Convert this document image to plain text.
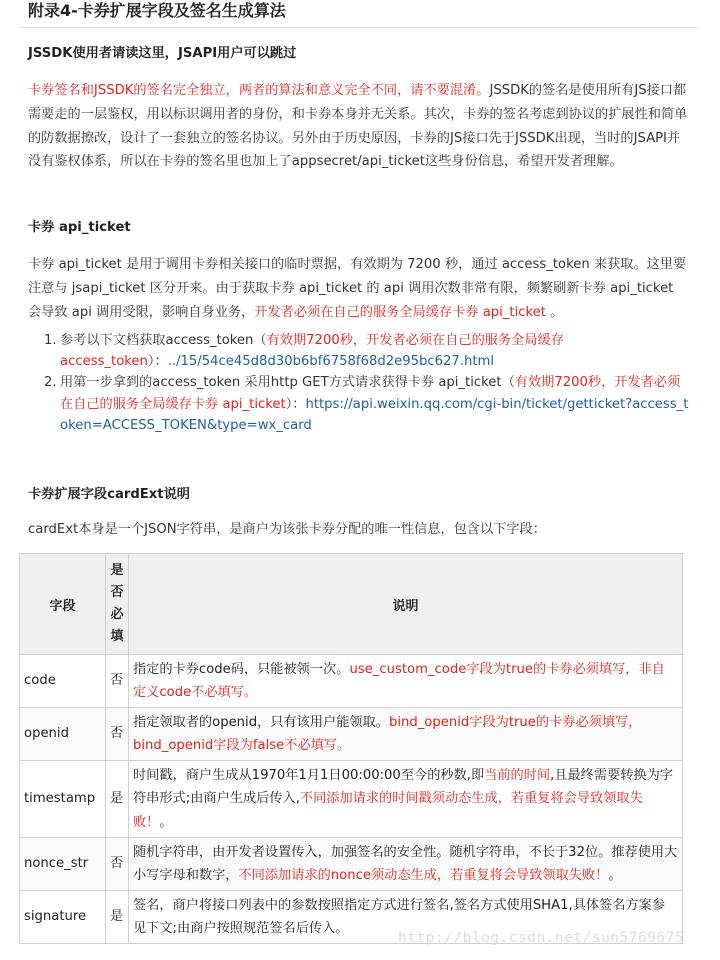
附录4-卡券扩展字段及签名生成算法
JSSDK使用者请读这里，JSAPI用户可以跳过

卡券签名和JSSDK的签名完全独立，两者的算法和意义完全不同，请不要混淆。JSSDK的签名是使用所有JS接口都需要走的一层鉴权，用以标识调用者的身份，和卡券本身并无关系。其次，卡券的签名考虑到协议的扩展性和简单的防数据擦改，设计了一套独立的签名协议。另外由于历史原因，卡券的JS接口先于JSSDK出现，当时的JSAPI并没有鉴权体系，所以在卡券的签名里也加上了appsecret/api_ticket这些身份信息，希望开发者理解。

卡券 api_ticket

卡券 api_ticket 是用于调用卡券相关接口的临时票据，有效期为 7200 秒，通过 access_token 来获取。这里要注意与 jsapi_ticket 区分开来。由于获取卡券 api_ticket 的 api 调用次数非常有限，频繁刷新卡券 api_ticket 会导致 api 调用受限，影响自身业务，开发者必须在自己的服务全局缓存卡券 api_ticket 。

1. 参考以下文档获取access_token（有效期7200秒，开发者必须在自己的服务全局缓存access_token）：../15/54ce45d8d30b6bf6758f68d2e95bc627.html
2. 用第一步拿到的access_token 采用http GET方式请求获得卡券 api_ticket（有效期7200秒，开发者必须在自己的服务全局缓存卡券 api_ticket）：https://api.weixin.qq.com/cgi-bin/ticket/getticket?access_token=ACCESS_TOKEN&type=wx_card
卡券扩展字段cardExt说明

cardExt本身是一个JSON字符串，是商户为该张卡券分配的唯一性信息，包含以下字段：

字段	是否必填	说明
code	否	指定的卡券code码，只能被领一次。use_custom_code字段为true的卡券必须填写，非自定义code不必填写。
openid	否	指定领取者的openid，只有该用户能领取。bind_openid字段为true的卡券必须填写，bind_openid字段为false不必填写。
timestamp	是	时间戳，商户生成从1970年1月1日00:00:00至今的秒数,即当前的时间,且最终需要转换为字符串形式;由商户生成后传入,不同添加请求的时间戳须动态生成，若重复将会导致领取失败！。
nonce_str	否	随机字符串，由开发者设置传入，加强签名的安全性。随机字符串，不长于32位。推荐使用大小写字母和数字，不同添加请求的nonce须动态生成，若重复将会导致领取失败！。
signature	是	签名，商户将接口列表中的参数按照指定方式进行签名,签名方式使用SHA1,具体签名方案参见下文;由商户按照规范签名后传入。
http://blog.csdn.net/sun5769675
